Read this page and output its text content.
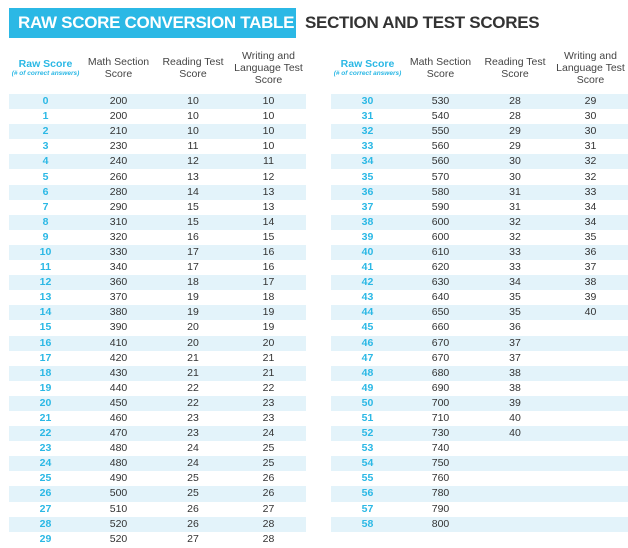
RAW SCORE CONVERSION TABLE 1
SECTION AND TEST SCORES
Raw Score
(# of correct answers)	Math Section Score	Reading Test Score	Writing and Language Test Score
0	200	10	10
1	200	10	10
2	210	10	10
3	230	11	10
4	240	12	11
5	260	13	12
6	280	14	13
7	290	15	13
8	310	15	14
9	320	16	15
10	330	17	16
11	340	17	16
12	360	18	17
13	370	19	18
14	380	19	19
15	390	20	19
16	410	20	20
17	420	21	21
18	430	21	21
19	440	22	22
20	450	22	23
21	460	23	23
22	470	23	24
23	480	24	25
24	480	24	25
25	490	25	26
26	500	25	26
27	510	26	27
28	520	26	28
29	520	27	28
Raw Score
(# of correct answers)	Math Section Score	Reading Test Score	Writing and Language Test Score
30	530	28	29
31	540	28	30
32	550	29	30
33	560	29	31
34	560	30	32
35	570	30	32
36	580	31	33
37	590	31	34
38	600	32	34
39	600	32	35
40	610	33	36
41	620	33	37
42	630	34	38
43	640	35	39
44	650	35	40
45	660	36	
46	670	37	
47	670	37	
48	680	38	
49	690	38	
50	700	39	
51	710	40	
52	730	40	
53	740		
54	750		
55	760		
56	780		
57	790		
58	800		
